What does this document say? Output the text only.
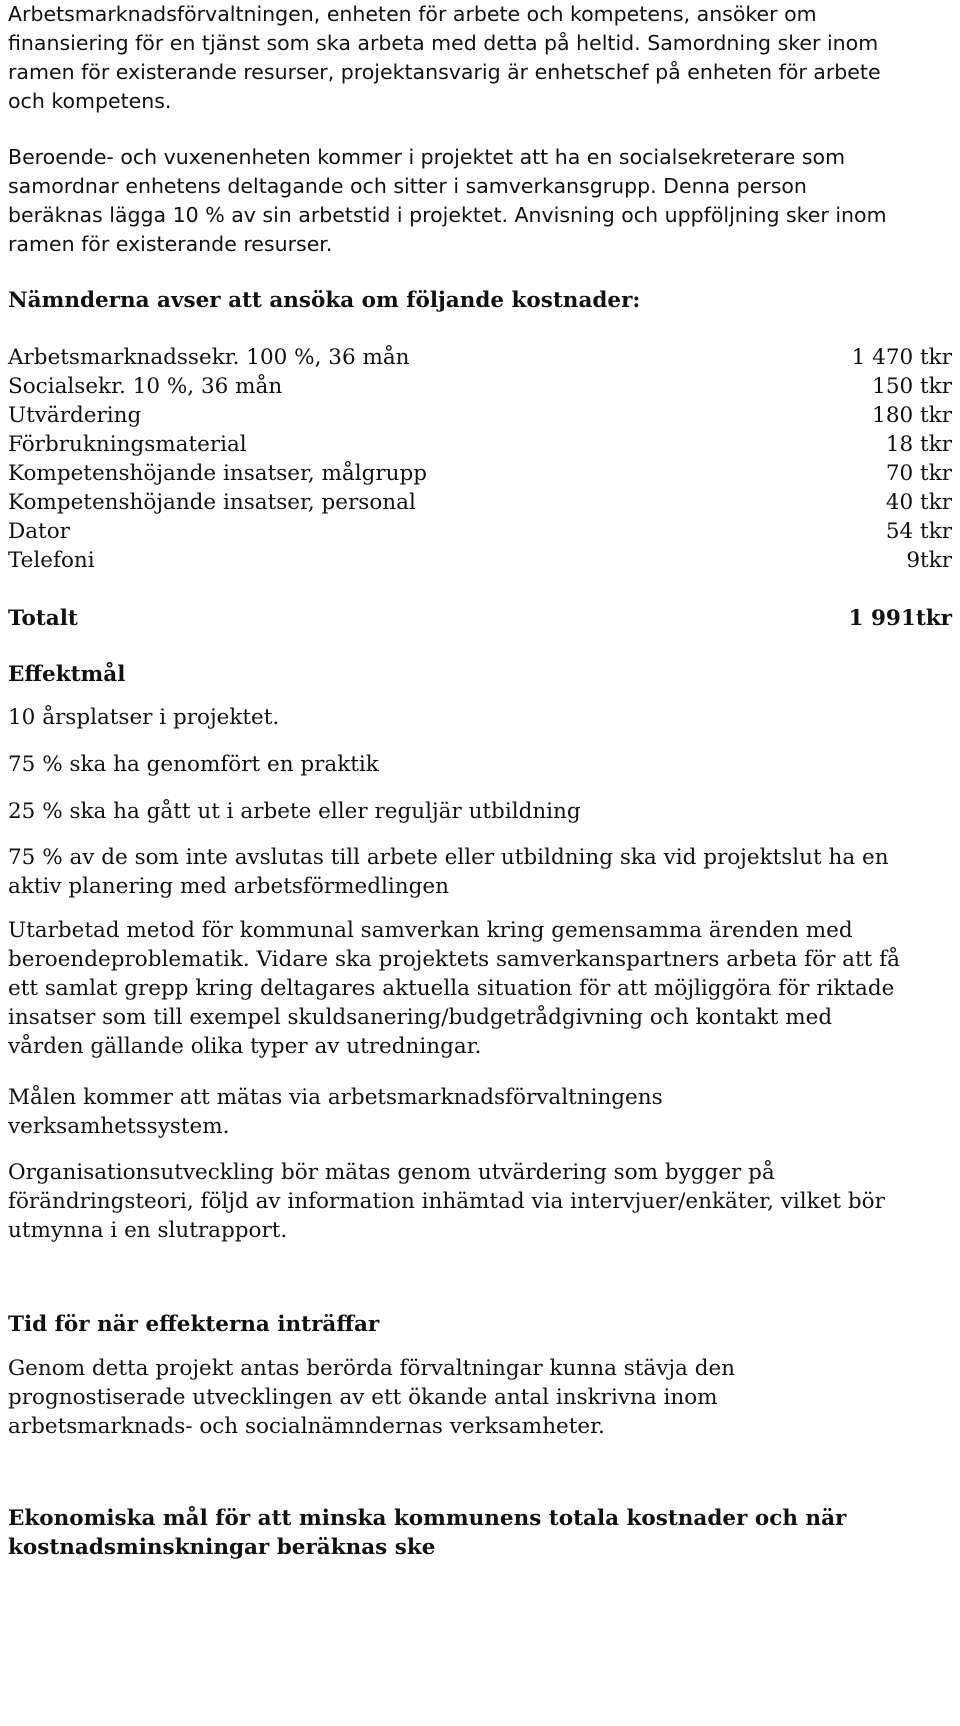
Arbetsmarknadsförvaltningen, enheten för arbete och kompetens, ansöker om finansiering för en tjänst som ska arbeta med detta på heltid. Samordning sker inom ramen för existerande resurser, projektansvarig är enhetschef på enheten för arbete och kompetens.

Beroende- och vuxenenheten kommer i projektet att ha en socialsekreterare som samordnar enhetens deltagande och sitter i samverkansgrupp. Denna person beräknas lägga 10 % av sin arbetstid i projektet. Anvisning och uppföljning sker inom ramen för existerande resurser.

Nämnderna avser att ansöka om följande kostnader:

Arbetsmarknadssekr. 100 %, 36 mån	1 470 tkr
Socialsekr. 10 %, 36 mån	150 tkr
Utvärdering	180 tkr
Förbrukningsmaterial	18 tkr
Kompetenshöjande insatser, målgrupp	70 tkr
Kompetenshöjande insatser, personal	40 tkr
Dator	54 tkr
Telefoni	9tkr
Totalt	1 991tkr

Effektmål

10 årsplatser i projektet.

75 % ska ha genomfört en praktik

25 % ska ha gått ut i arbete eller reguljär utbildning

75 % av de som inte avslutas till arbete eller utbildning ska vid projektslut ha en aktiv planering med arbetsförmedlingen

Utarbetad metod för kommunal samverkan kring gemensamma ärenden med beroendeproblematik. Vidare ska projektets samverkanspartners arbeta för att få ett samlat grepp kring deltagares aktuella situation för att möjliggöra för riktade insatser som till exempel skuldsanering/budgetrådgivning och kontakt med vården gällande olika typer av utredningar.

Målen kommer att mätas via arbetsmarknadsförvaltningens verksamhetssystem.

Organisationsutveckling bör mätas genom utvärdering som bygger på förändringsteori, följd av information inhämtad via intervjuer/enkäter, vilket bör utmynna i en slutrapport.

Tid för när effekterna inträffar

Genom detta projekt antas berörda förvaltningar kunna stävja den prognostiserade utvecklingen av ett ökande antal inskrivna inom arbetsmarknads- och socialnämndernas verksamheter.

Ekonomiska mål för att minska kommunens totala kostnader och när kostnadsminskningar beräknas ske
